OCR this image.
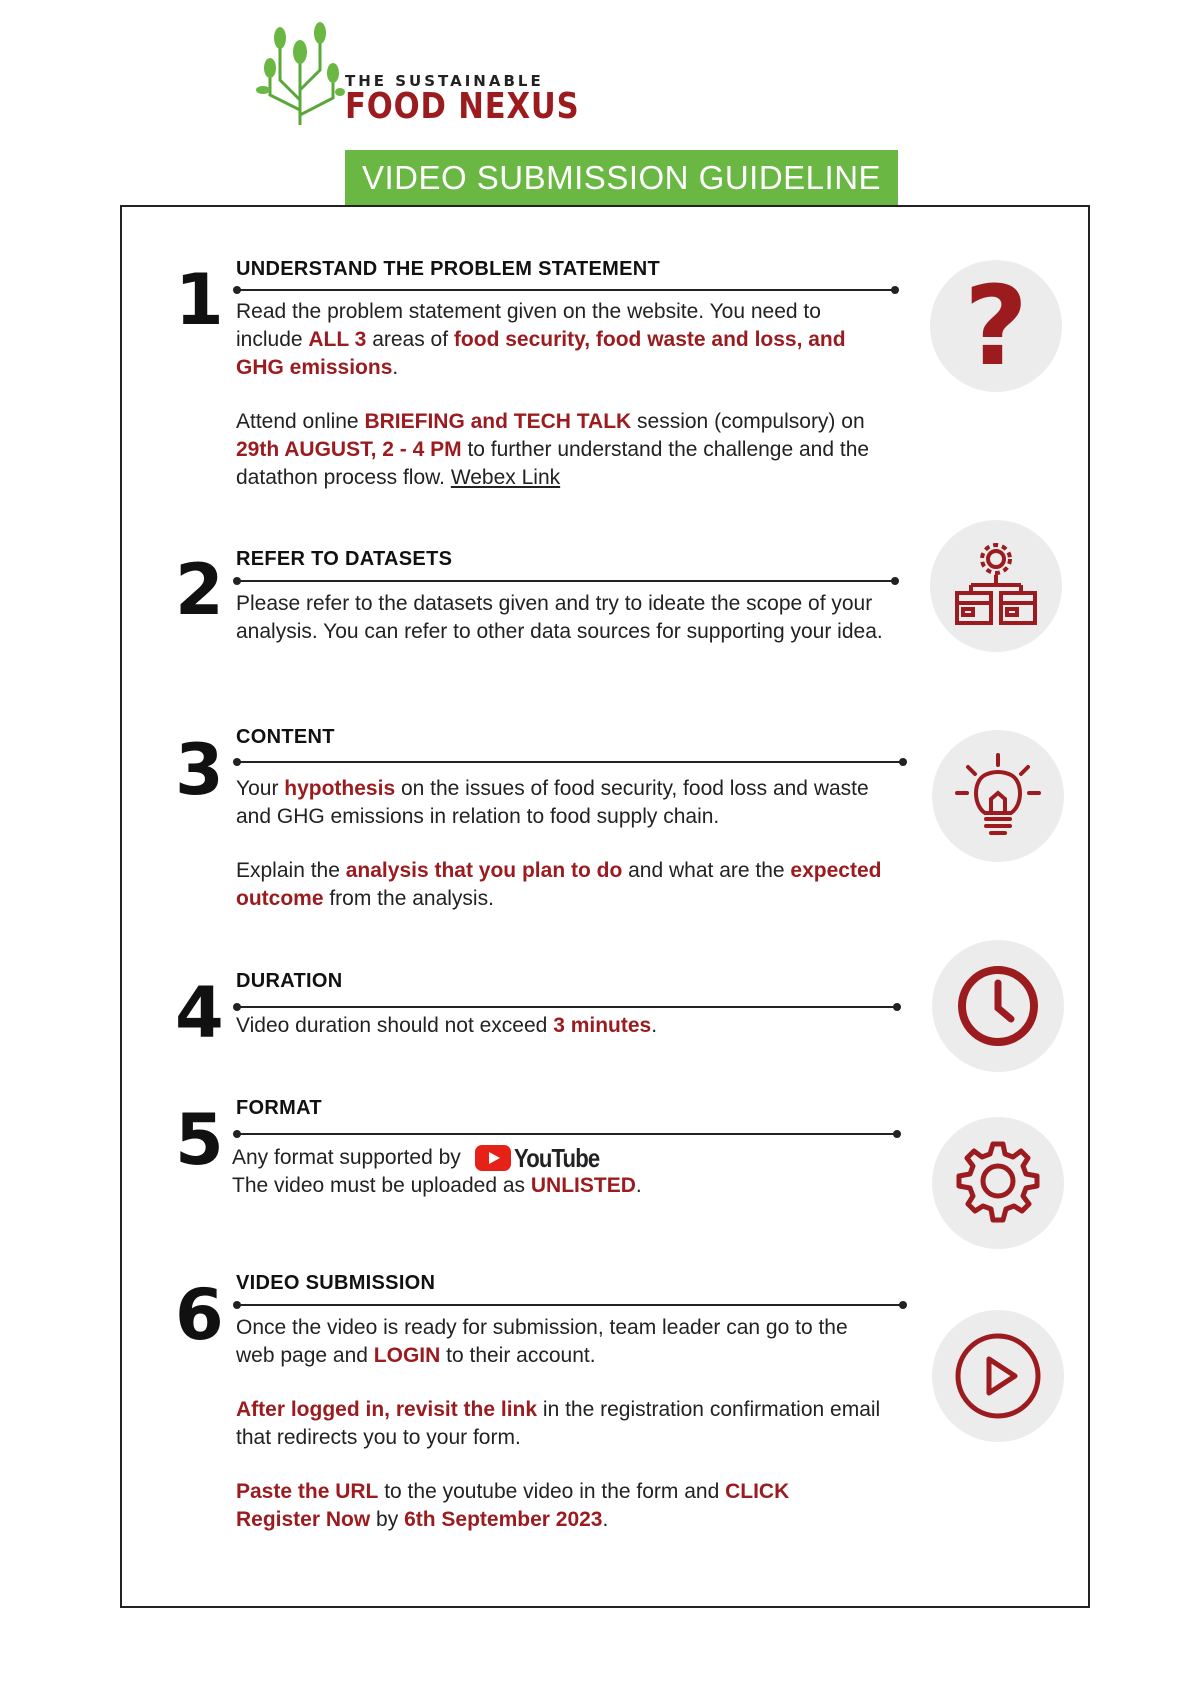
THE SUSTAINABLE
FOOD NEXUS
VIDEO SUBMISSION GUIDELINE
1 UNDERSTAND THE PROBLEM STATEMENT

Read the problem statement given on the website. You need to include ALL 3 areas of food security, food waste and loss, and GHG emissions.

Attend online BRIEFING and TECH TALK session (compulsory) on 29th AUGUST, 2 - 4 PM to further understand the challenge and the datathon process flow. Webex Link

?
2 REFER TO DATASETS

Please refer to the datasets given and try to ideate the scope of your analysis. You can refer to other data sources for supporting your idea.

3 CONTENT

Your hypothesis on the issues of food security, food loss and waste and GHG emissions in relation to food supply chain.

Explain the analysis that you plan to do and what are the expected outcome from the analysis.

4 DURATION

Video duration should not exceed 3 minutes.

5 FORMAT

Any format supported by YouTube

The video must be uploaded as UNLISTED.

6 VIDEO SUBMISSION

Once the video is ready for submission, team leader can go to the web page and LOGIN to their account.

After logged in, revisit the link in the registration confirmation email that redirects you to your form.

Paste the URL to the youtube video in the form and CLICK Register Now by 6th September 2023.
